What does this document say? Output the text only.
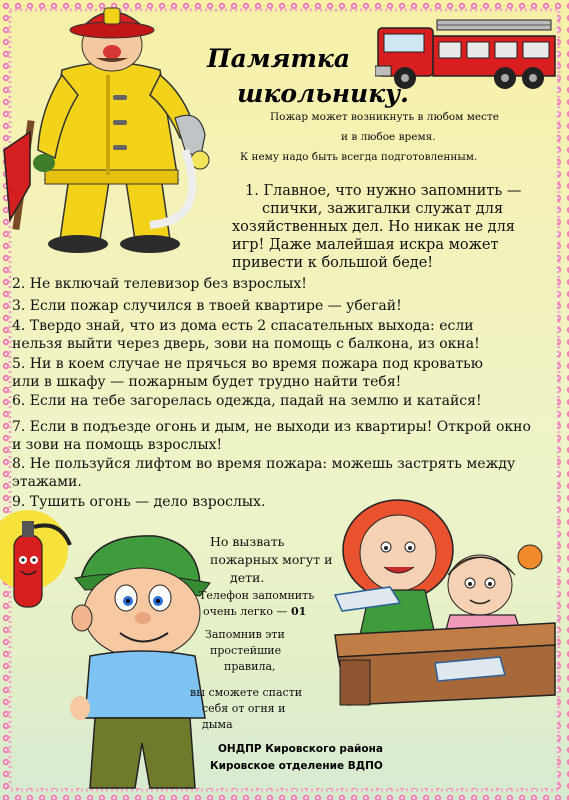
Памятка

школьнику.

Пожар может возникнуть в любом месте

и в любое время.

К нему надо быть всегда подготовленным.

1. Главное, что нужно запомнить —

спички, зажигалки служат для

хозяйственных дел. Но никак не для

игр! Даже малейшая искра может

привести к большой беде!

2. Не включай телевизор без взрослых!

3. Если пожар случился в твоей квартире — убегай!

4. Твердо знай, что из дома есть 2 спасательных выхода: если

нельзя выйти через дверь, зови на помощь с балкона, из окна!

5. Ни в коем случае не прячься во время пожара под кроватью

или в шкафу — пожарным будет трудно найти тебя!

6. Если на тебе загорелась одежда, падай на землю и катайся!

7. Если в подъезде огонь и дым, не выходи из квартиры! Открой окно

и зови на помощь взрослых!

8. Не пользуйся лифтом во время пожара: можешь застрять между

этажами.

9. Тушить огонь — дело взрослых.

Но вызвать

пожарных могут и

дети.

Телефон запомнить

очень легко — 01

Запомнив эти

простейшие

правила,

вы сможете спасти

себя от огня и

дыма

ОНДПР Кировского района

Кировское отделение ВДПО
